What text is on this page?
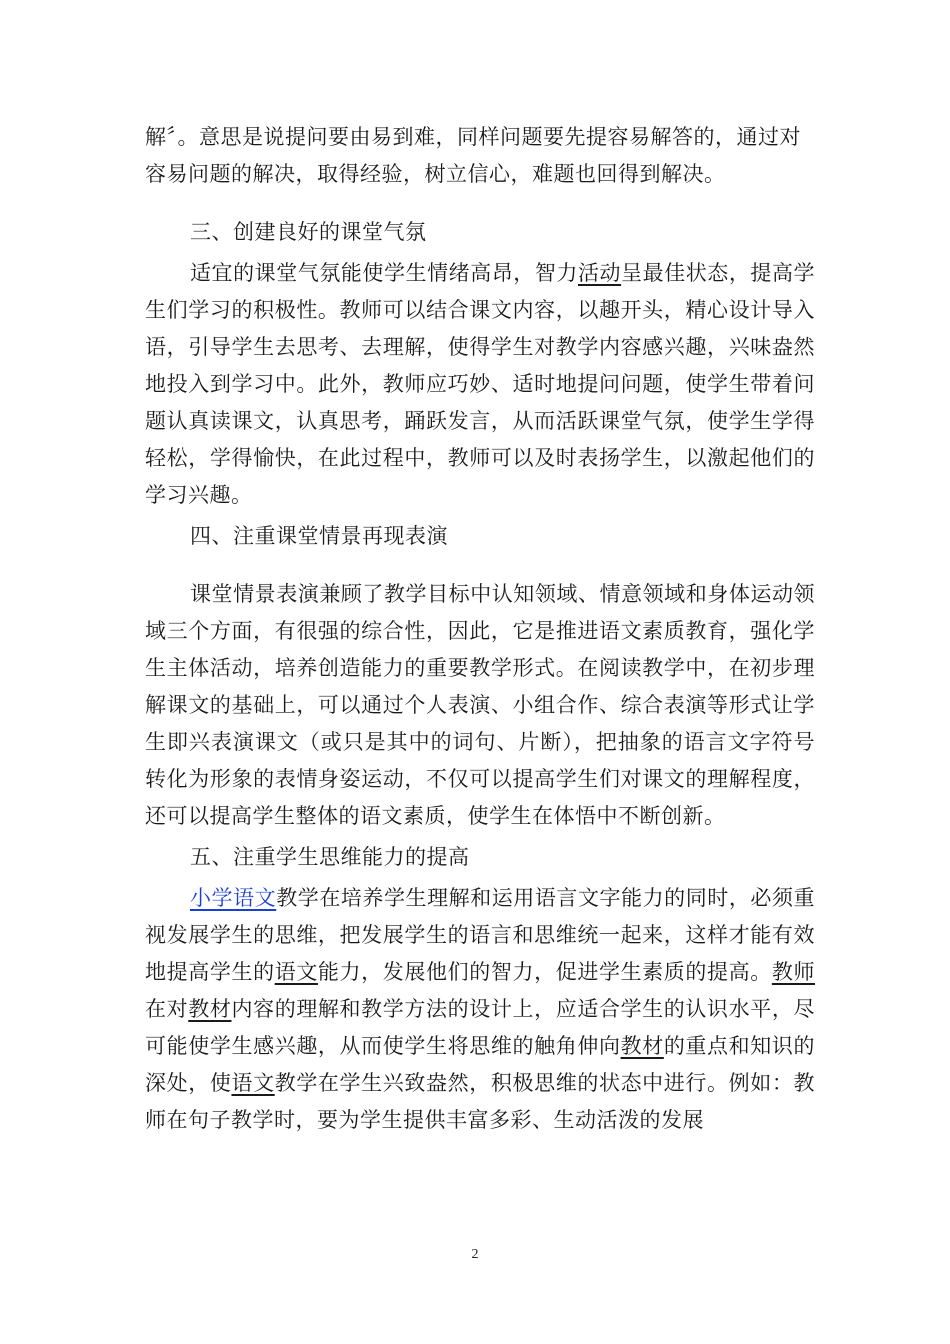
解〞。意思是说提问要由易到难，同样问题要先提容易解答的，通过对
容易问题的解决，取得经验，树立信心，难题也回得到解决。

三、创建良好的课堂气氛

适宜的课堂气氛能使学生情绪高昂，智力活动呈最佳状态，提高学生们学习的积极性。教师可以结合课文内容，以趣开头，精心设计导入语，引导学生去思考、去理解，使得学生对教学内容感兴趣，兴味盎然地投入到学习中。此外，教师应巧妙、适时地提问问题，使学生带着问题认真读课文，认真思考，踊跃发言，从而活跃课堂气氛，使学生学得轻松，学得愉快，在此过程中，教师可以及时表扬学生，以激起他们的学习兴趣。

四、注重课堂情景再现表演

课堂情景表演兼顾了教学目标中认知领域、情意领域和身体运动领域三个方面，有很强的综合性，因此，它是推进语文素质教育，强化学生主体活动，培养创造能力的重要教学形式。在阅读教学中，在初步理解课文的基础上，可以通过个人表演、小组合作、综合表演等形式让学生即兴表演课文（或只是其中的词句、片断），把抽象的语言文字符号转化为形象的表情身姿运动，不仅可以提高学生们对课文的理解程度，还可以提高学生整体的语文素质，使学生在体悟中不断创新。

五、注重学生思维能力的提高

小学语文教学在培养学生理解和运用语言文字能力的同时，必须重视发展学生的思维，把发展学生的语言和思维统一起来，这样才能有效地提高学生的语文能力，发展他们的智力，促进学生素质的提高。教师在对教材内容的理解和教学方法的设计上，应适合学生的认识水平，尽可能使学生感兴趣，从而使学生将思维的触角伸向教材的重点和知识的深处，使语文教学在学生兴致盎然，积极思维的状态中进行。例如：教师在句子教学时，要为学生提供丰富多彩、生动活泼的发展

2
